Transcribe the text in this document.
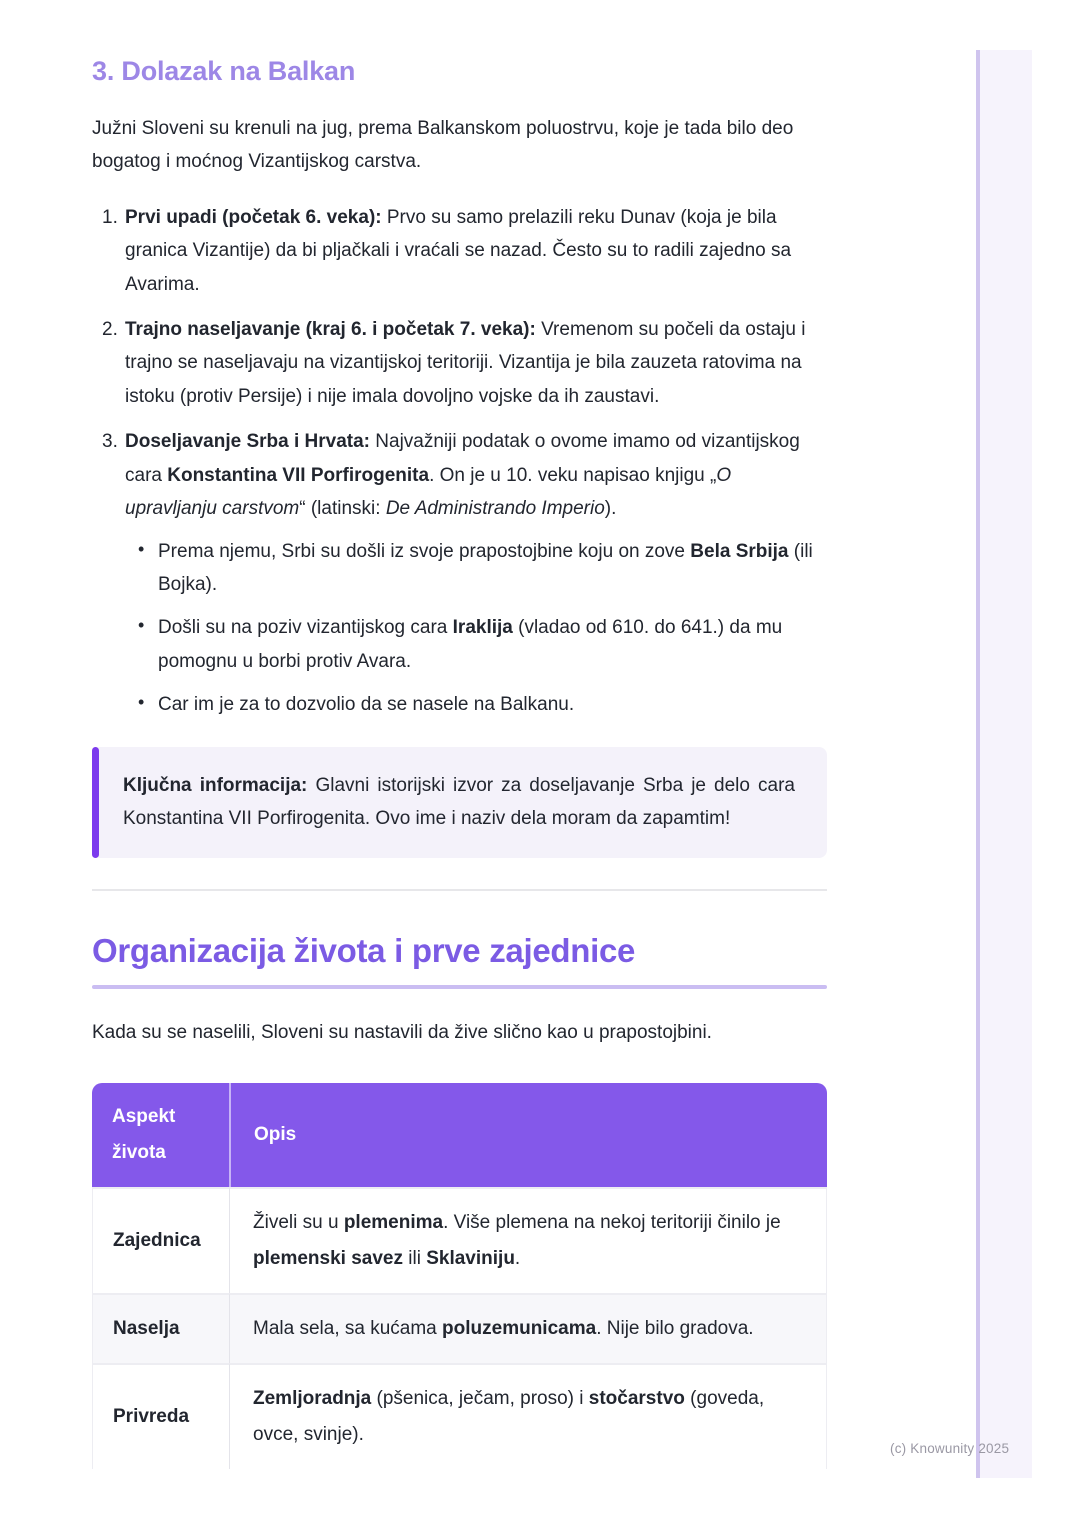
3. Dolazak na Balkan

Južni Sloveni su krenuli na jug, prema Balkanskom poluostrvu, koje je tada bilo deo bogatog i moćnog Vizantijskog carstva.

1. Prvi upadi (početak 6. veka): Prvo su samo prelazili reku Dunav (koja je bila granica Vizantije) da bi pljačkali i vraćali se nazad. Često su to radili zajedno sa Avarima.
2. Trajno naseljavanje (kraj 6. i početak 7. veka): Vremenom su počeli da ostaju i trajno se naseljavaju na vizantijskoj teritoriji. Vizantija je bila zauzeta ratovima na istoku (protiv Persije) i nije imala dovoljno vojske da ih zaustavi.
3. Doseljavanje Srba i Hrvata: Najvažniji podatak o ovome imamo od vizantijskog cara Konstantina VII Porfirogenita. On je u 10. veku napisao knjigu „O upravljanju carstvom“ (latinski: De Administrando Imperio).
• Prema njemu, Srbi su došli iz svoje prapostojbine koju on zove Bela Srbija (ili Bojka).
• Došli su na poziv vizantijskog cara Iraklija (vladao od 610. do 641.) da mu pomognu u borbi protiv Avara.
• Car im je za to dozvolio da se nasele na Balkanu.
Ključna informacija: Glavni istorijski izvor za doseljavanje Srba je delo cara Konstantina VII Porfirogenita. Ovo ime i naziv dela moram da zapamtim!
Organizacija života i prve zajednice

Kada su se naselili, Sloveni su nastavili da žive slično kao u prapostojbini.

Aspekt života	Opis
Zajednica	Živeli su u plemenima. Više plemena na nekoj teritoriji činilo je plemenski savez ili Sklaviniju.
Naselja	Mala sela, sa kućama poluzemunicama. Nije bilo gradova.
Privreda	Zemljoradnja (pšenica, ječam, proso) i stočarstvo (goveda, ovce, svinje).
(c) Knowunity 2025
